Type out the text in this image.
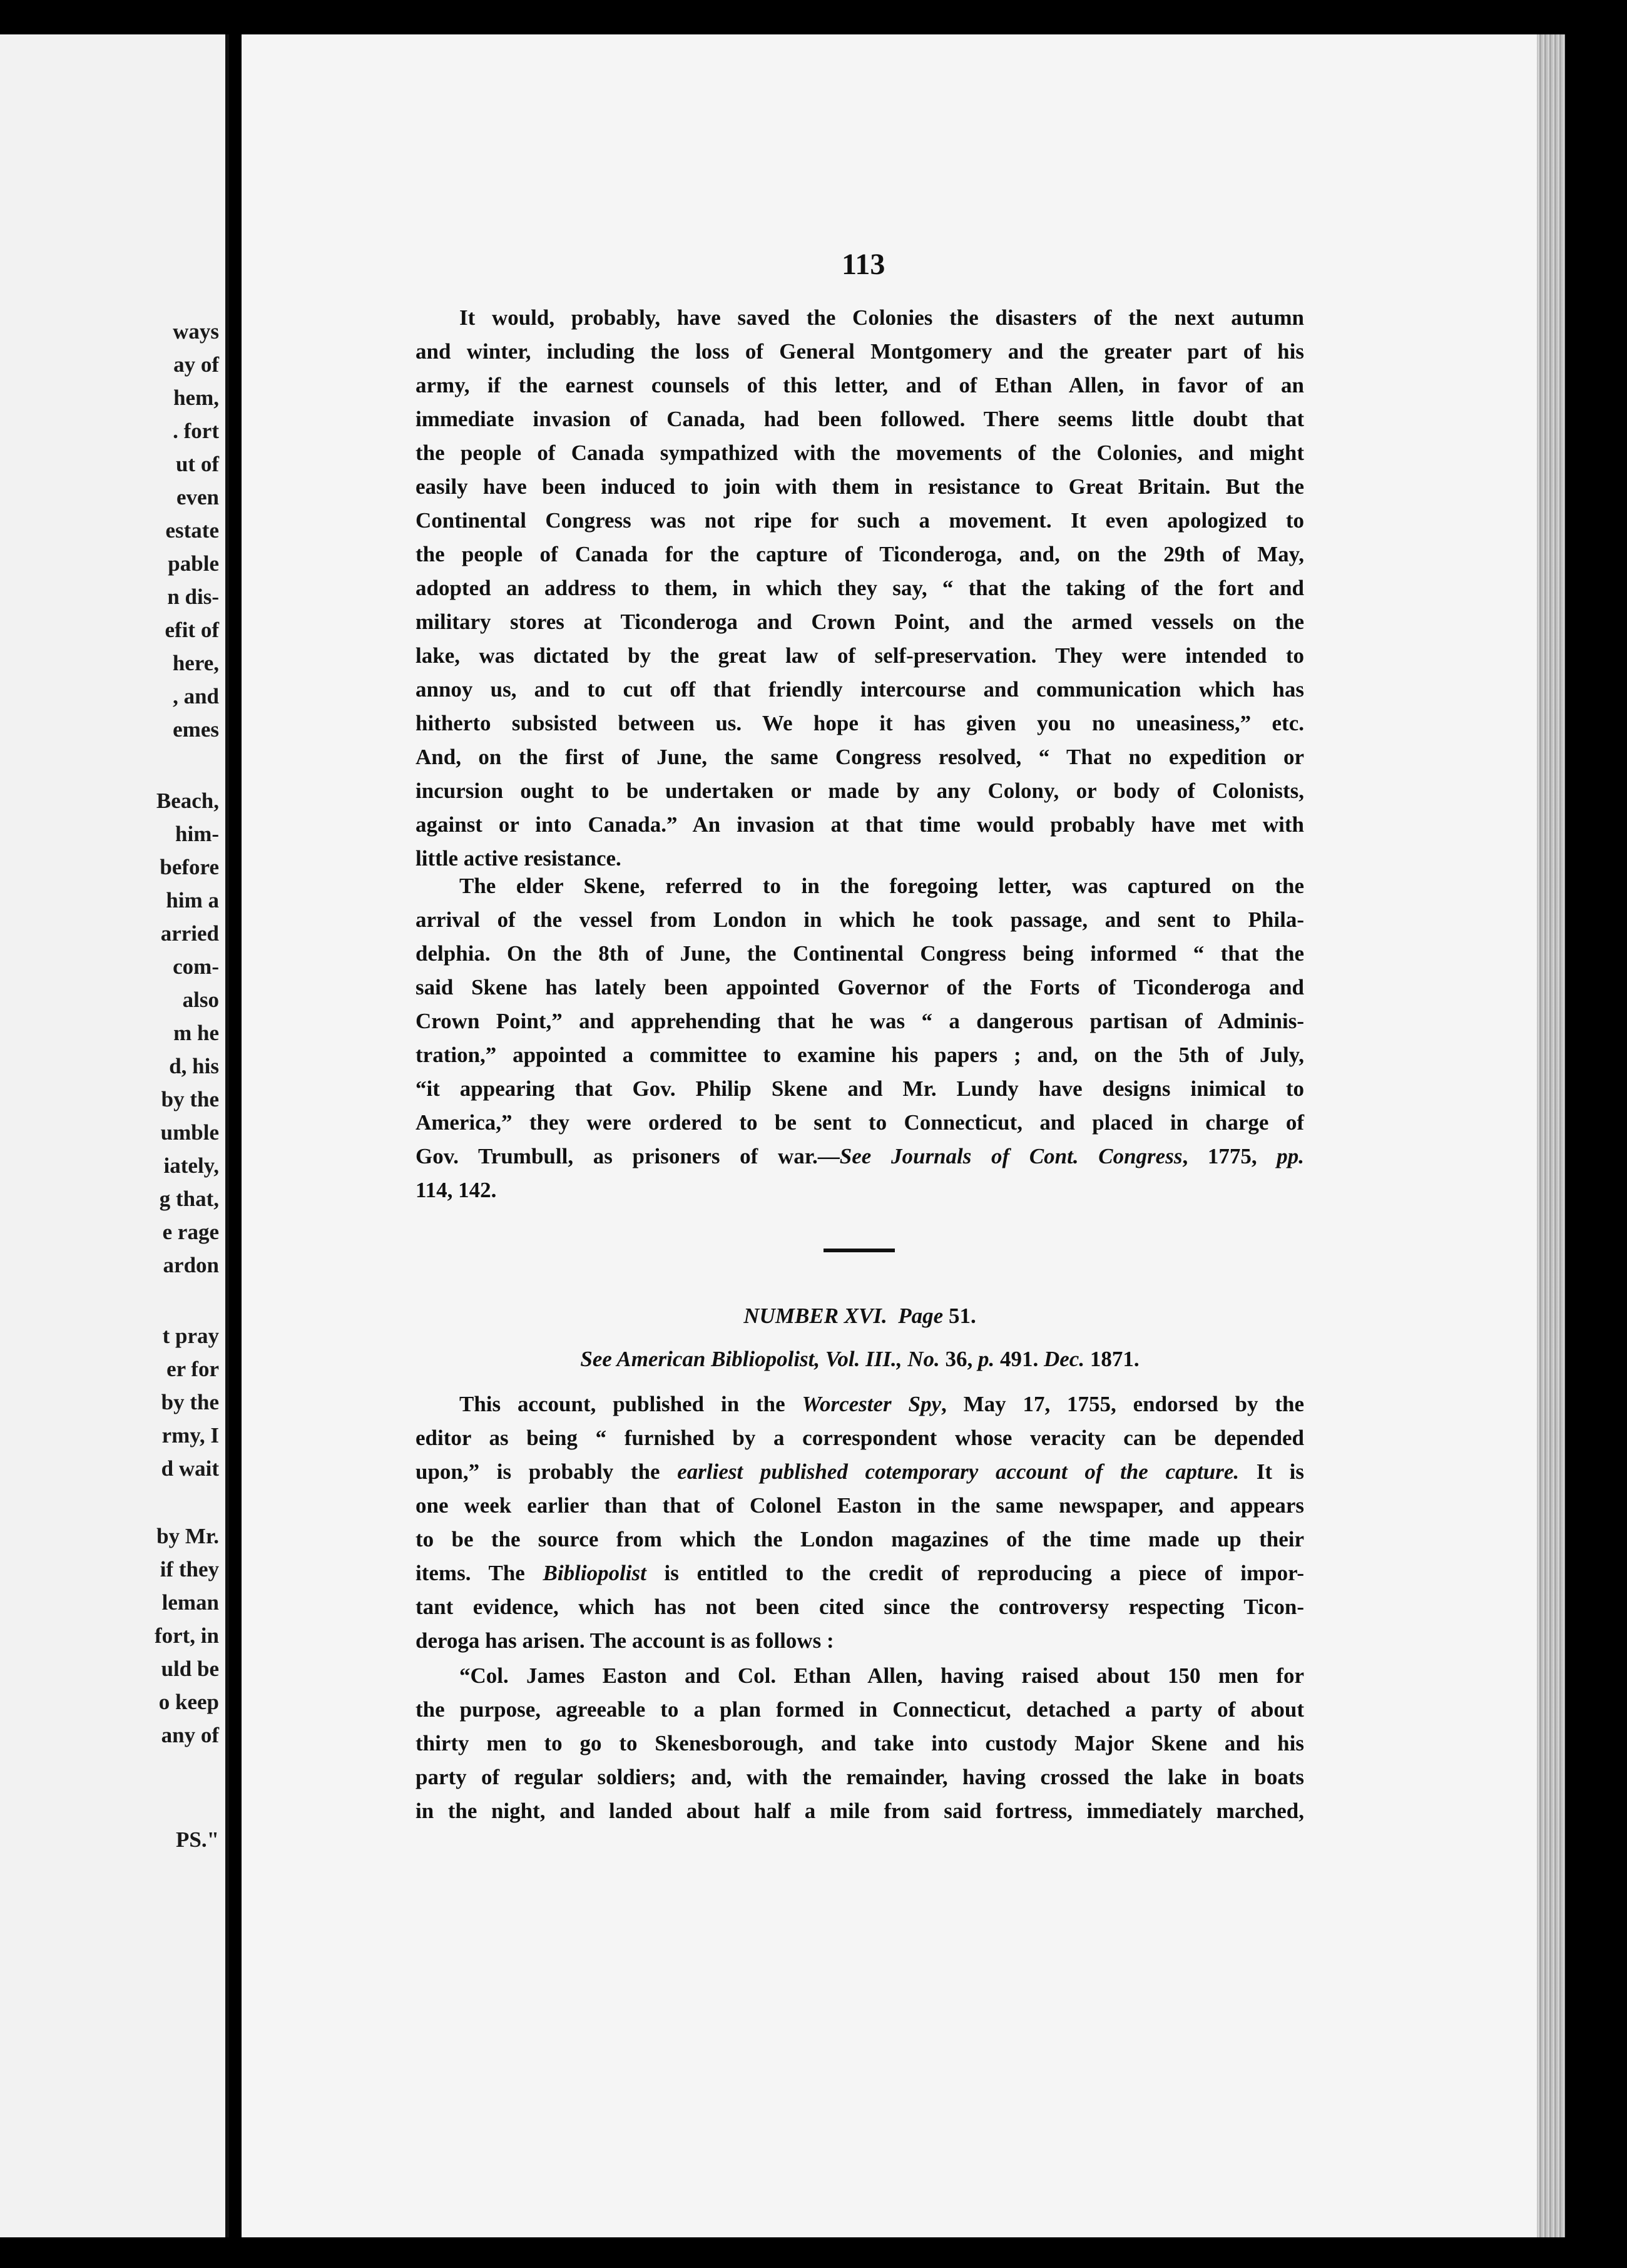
ways
ay of
hem,
. fort
ut of
even
estate
pable
n dis-
efit of
here,
, and
emes
Beach,
him-
before
him a
arried
com-
also
m he
d, his
by the
umble
iately,
g that,
e rage
ardon
t pray
er for
by the
rmy, I
d wait
by Mr.
if they
leman
fort, in
uld be
o keep
any of
PS."
113
It would, probably, have saved the Colonies the disasters of the next autumn
and winter, including the loss of General Montgomery and the greater part of his
army, if the earnest counsels of this letter, and of Ethan Allen, in favor of an
immediate invasion of Canada, had been followed. There seems little doubt that
the people of Canada sympathized with the movements of the Colonies, and might
easily have been induced to join with them in resistance to Great Britain. But the
Continental Congress was not ripe for such a movement. It even apologized to
the people of Canada for the capture of Ticonderoga, and, on the 29th of May,
adopted an address to them, in which they say, “ that the taking of the fort and
military stores at Ticonderoga and Crown Point, and the armed vessels on the
lake, was dictated by the great law of self-preservation. They were intended to
annoy us, and to cut off that friendly intercourse and communication which has
hitherto subsisted between us. We hope it has given you no uneasiness,” etc.
And, on the first of June, the same Congress resolved, “ That no expedition or
incursion ought to be undertaken or made by any Colony, or body of Colonists,
against or into Canada.” An invasion at that time would probably have met with
little active resistance.
The elder Skene, referred to in the foregoing letter, was captured on the
arrival of the vessel from London in which he took passage, and sent to Phila-
delphia. On the 8th of June, the Continental Congress being informed “ that the
said Skene has lately been appointed Governor of the Forts of Ticonderoga and
Crown Point,” and apprehending that he was “ a dangerous partisan of Adminis-
tration,” appointed a committee to examine his papers ; and, on the 5th of July,
“it appearing that Gov. Philip Skene and Mr. Lundy have designs inimical to
America,” they were ordered to be sent to Connecticut, and placed in charge of
Gov. Trumbull, as prisoners of war.—See Journals of Cont. Congress, 1775, pp.
114, 142.
NUMBER XVI. Page 51.
See American Bibliopolist, Vol. III., No. 36, p. 491. Dec. 1871.
This account, published in the Worcester Spy, May 17, 1755, endorsed by the
editor as being “ furnished by a correspondent whose veracity can be depended
upon,” is probably the earliest published cotemporary account of the capture. It is
one week earlier than that of Colonel Easton in the same newspaper, and appears
to be the source from which the London magazines of the time made up their
items. The Bibliopolist is entitled to the credit of reproducing a piece of impor-
tant evidence, which has not been cited since the controversy respecting Ticon-
deroga has arisen. The account is as follows :
“Col. James Easton and Col. Ethan Allen, having raised about 150 men for
the purpose, agreeable to a plan formed in Connecticut, detached a party of about
thirty men to go to Skenesborough, and take into custody Major Skene and his
party of regular soldiers; and, with the remainder, having crossed the lake in boats
in the night, and landed about half a mile from said fortress, immediately marched,
